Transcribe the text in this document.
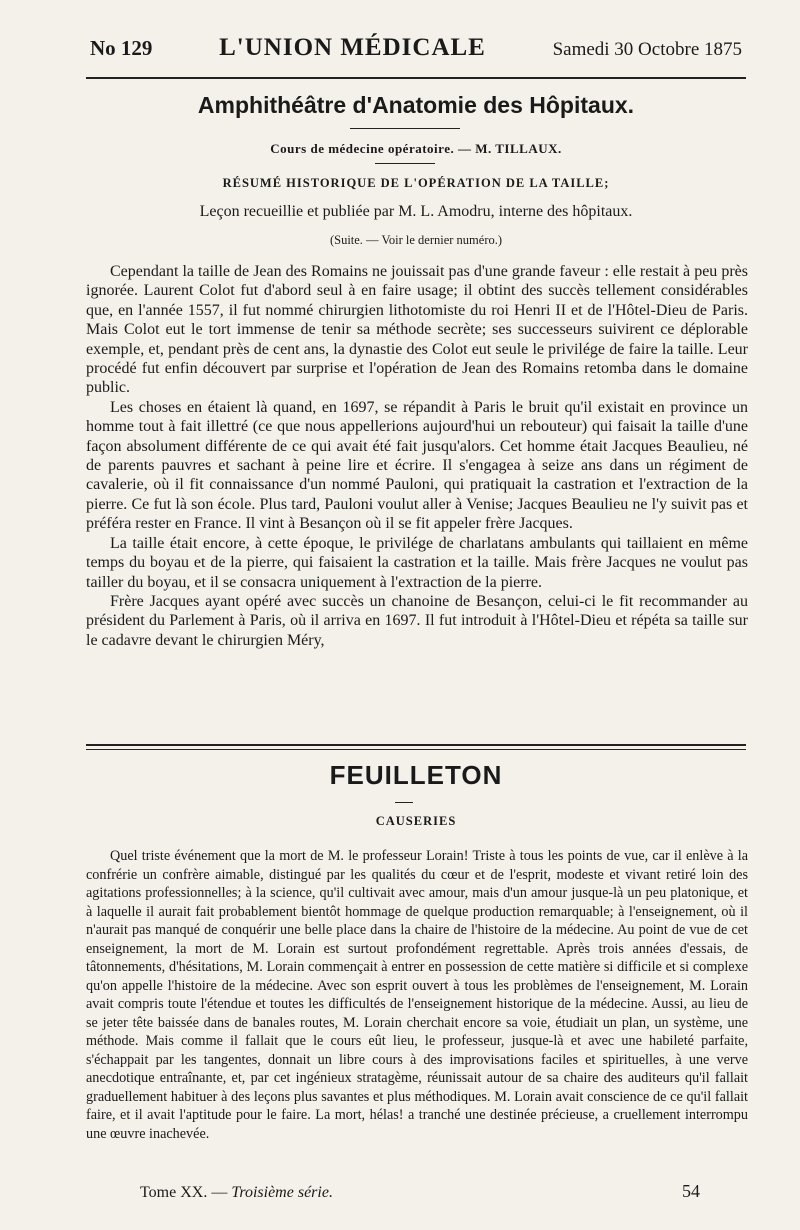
No 129	L'UNION MÉDICALE	Samedi 30 Octobre 1875
Amphithéâtre d'Anatomie des Hôpitaux.
Cours de médecine opératoire. — M. TILLAUX.
RÉSUMÉ HISTORIQUE DE L'OPÉRATION DE LA TAILLE;
Leçon recueillie et publiée par M. L. Amodru, interne des hôpitaux.
(Suite. — Voir le dernier numéro.)

Cependant la taille de Jean des Romains ne jouissait pas d'une grande faveur : elle restait à peu près ignorée. Laurent Colot fut d'abord seul à en faire usage; il obtint des succès tellement considérables que, en l'année 1557, il fut nommé chirurgien lithotomiste du roi Henri II et de l'Hôtel-Dieu de Paris. Mais Colot eut le tort immense de tenir sa méthode secrète; ses successeurs suivirent ce déplorable exemple, et, pendant près de cent ans, la dynastie des Colot eut seule le privilége de faire la taille. Leur procédé fut enfin découvert par surprise et l'opération de Jean des Romains retomba dans le domaine public.

Les choses en étaient là quand, en 1697, se répandit à Paris le bruit qu'il existait en province un homme tout à fait illettré (ce que nous appellerions aujourd'hui un rebouteur) qui faisait la taille d'une façon absolument différente de ce qui avait été fait jusqu'alors. Cet homme était Jacques Beaulieu, né de parents pauvres et sachant à peine lire et écrire. Il s'engagea à seize ans dans un régiment de cavalerie, où il fit connaissance d'un nommé Pauloni, qui pratiquait la castration et l'extraction de la pierre. Ce fut là son école. Plus tard, Pauloni voulut aller à Venise; Jacques Beaulieu ne l'y suivit pas et préféra rester en France. Il vint à Besançon où il se fit appeler frère Jacques.

La taille était encore, à cette époque, le privilége de charlatans ambulants qui taillaient en même temps du boyau et de la pierre, qui faisaient la castration et la taille. Mais frère Jacques ne voulut pas tailler du boyau, et il se consacra uniquement à l'extraction de la pierre.

Frère Jacques ayant opéré avec succès un chanoine de Besançon, celui-ci le fit recommander au président du Parlement à Paris, où il arriva en 1697. Il fut introduit à l'Hôtel-Dieu et répéta sa taille sur le cadavre devant le chirurgien Méry,

FEUILLETON
CAUSERIES

Quel triste événement que la mort de M. le professeur Lorain! Triste à tous les points de vue, car il enlève à la confrérie un confrère aimable, distingué par les qualités du cœur et de l'esprit, modeste et vivant retiré loin des agitations professionnelles; à la science, qu'il cultivait avec amour, mais d'un amour jusque-là un peu platonique, et à laquelle il aurait fait probablement bientôt hommage de quelque production remarquable; à l'enseignement, où il n'aurait pas manqué de conquérir une belle place dans la chaire de l'histoire de la médecine. Au point de vue de cet enseignement, la mort de M. Lorain est surtout profondément regrettable. Après trois années d'essais, de tâtonnements, d'hésitations, M. Lorain commençait à entrer en possession de cette matière si difficile et si complexe qu'on appelle l'histoire de la médecine. Avec son esprit ouvert à tous les problèmes de l'enseignement, M. Lorain avait compris toute l'étendue et toutes les difficultés de l'enseignement historique de la médecine. Aussi, au lieu de se jeter tête baissée dans de banales routes, M. Lorain cherchait encore sa voie, étudiait un plan, un système, une méthode. Mais comme il fallait que le cours eût lieu, le professeur, jusque-là et avec une habileté parfaite, s'échappait par les tangentes, donnait un libre cours à des improvisations faciles et spirituelles, à une verve anecdotique entraînante, et, par cet ingénieux stratagème, réunissait autour de sa chaire des auditeurs qu'il fallait graduellement habituer à des leçons plus savantes et plus méthodiques. M. Lorain avait conscience de ce qu'il fallait faire, et il avait l'aptitude pour le faire. La mort, hélas! a tranché une destinée précieuse, a cruellement interrompu une œuvre inachevée.

Tome XX. — Troisième série.	54
